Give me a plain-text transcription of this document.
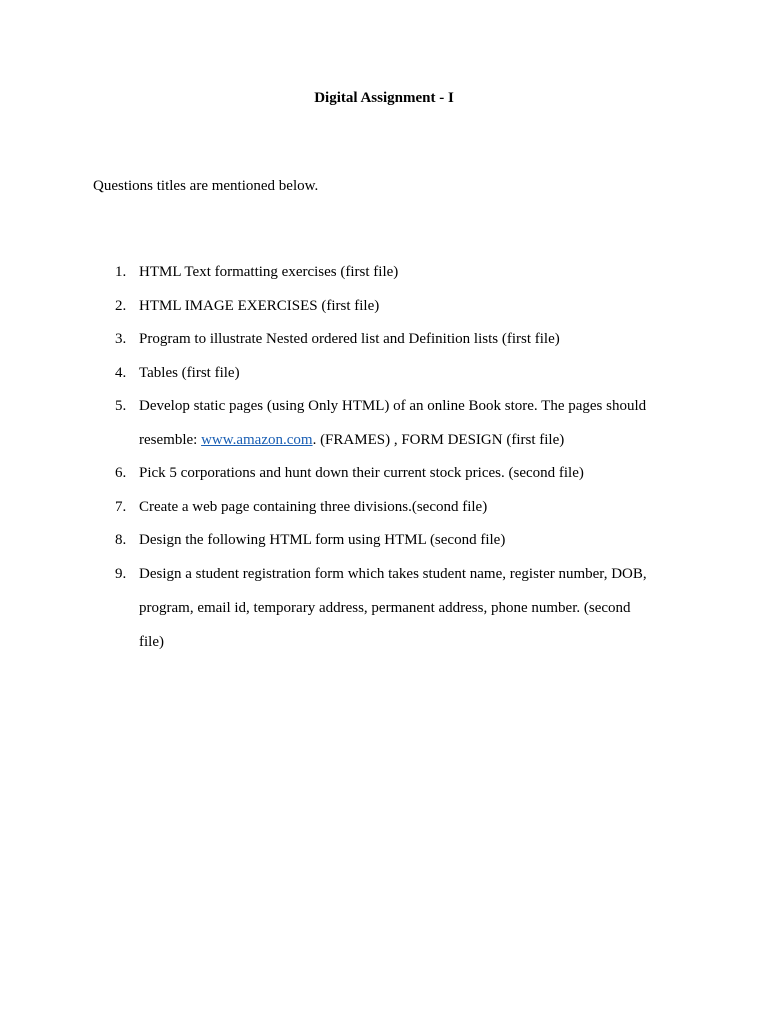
Digital Assignment - I
Questions titles are mentioned below.
1. HTML Text formatting exercises (first file)
2. HTML IMAGE EXERCISES (first file)
3. Program to illustrate Nested ordered list and Definition lists (first file)
4. Tables (first file)
5. Develop static pages (using Only HTML) of an online Book store. The pages should
resemble: www.amazon.com. (FRAMES) , FORM DESIGN (first file)
6. Pick 5 corporations and hunt down their current stock prices. (second file)
7. Create a web page containing three divisions.(second file)
8. Design the following HTML form using HTML (second file)
9. Design a student registration form which takes student name, register number, DOB,
program, email id, temporary address, permanent address, phone number. (second
file)
